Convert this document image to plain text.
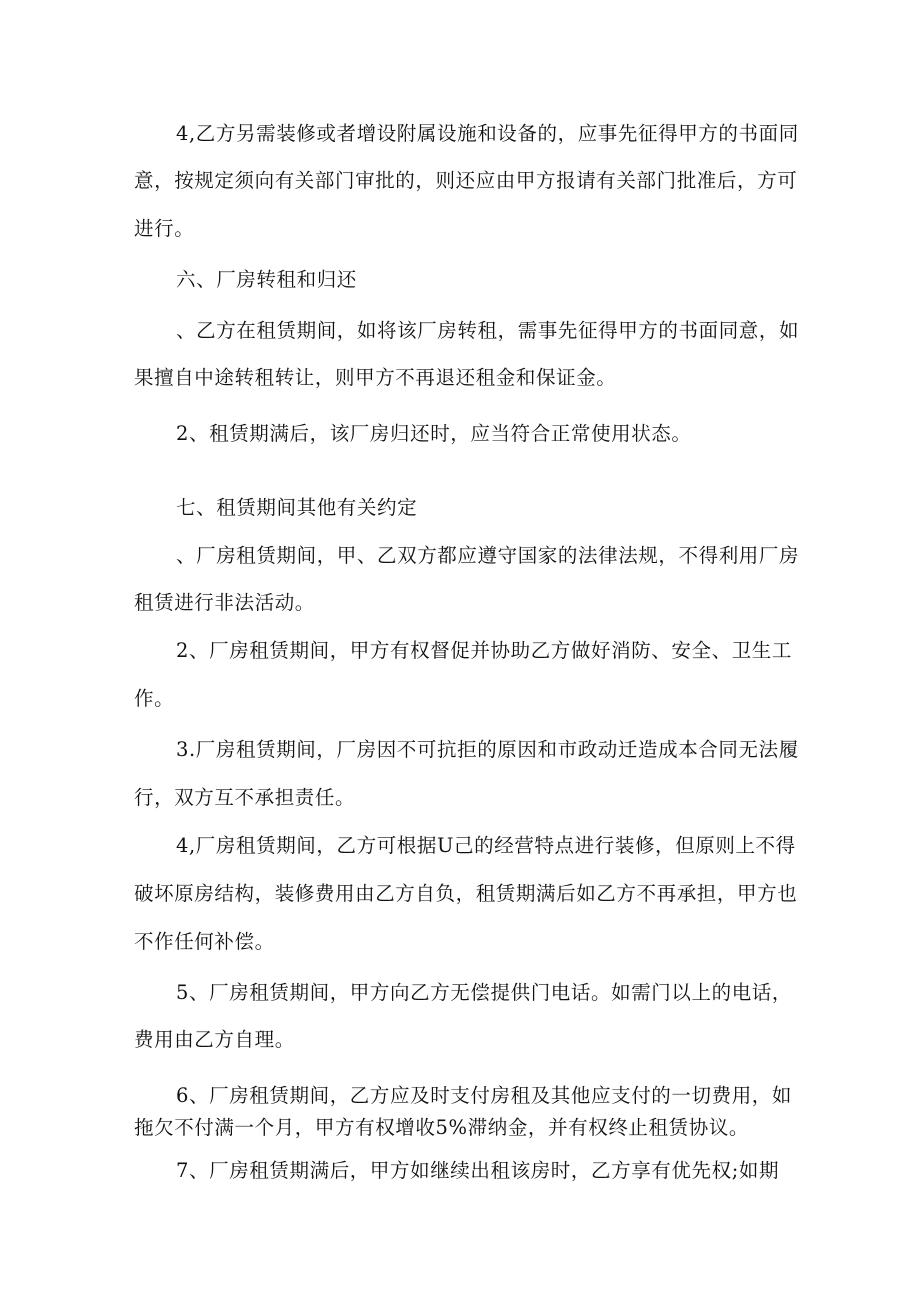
4,乙方另需装修或者增设附属设施和设备的，应事先征得甲方的书面同
意，按规定须向有关部门审批的，则还应由甲方报请有关部门批准后，方可
进行。
六、厂房转租和归还
、乙方在租赁期间，如将该厂房转租，需事先征得甲方的书面同意，如
果擅自中途转租转让，则甲方不再退还租金和保证金。
2、租赁期满后，该厂房归还时，应当符合正常使用状态。
七、租赁期间其他有关约定
、厂房租赁期间，甲、乙双方都应遵守国家的法律法规，不得利用厂房
租赁进行非法活动。
2、厂房租赁期间，甲方有权督促并协助乙方做好消防、安全、卫生工
作。
3.厂房租赁期间，厂房因不可抗拒的原因和市政动迁造成本合同无法履
行，双方互不承担责任。
4,厂房租赁期间，乙方可根据U己的经营特点进行装修，但原则上不得
破坏原房结构，装修费用由乙方自负，租赁期满后如乙方不再承担，甲方也
不作任何补偿。
5、厂房租赁期间，甲方向乙方无偿提供门电话。如需门以上的电话，
费用由乙方自理。
6、厂房租赁期间，乙方应及时支付房租及其他应支付的一切费用，如
拖欠不付满一个月，甲方有权增收5%滞纳金，并有权终止租赁协议。
7、厂房租赁期满后，甲方如继续出租该房时，乙方享有优先权;如期
